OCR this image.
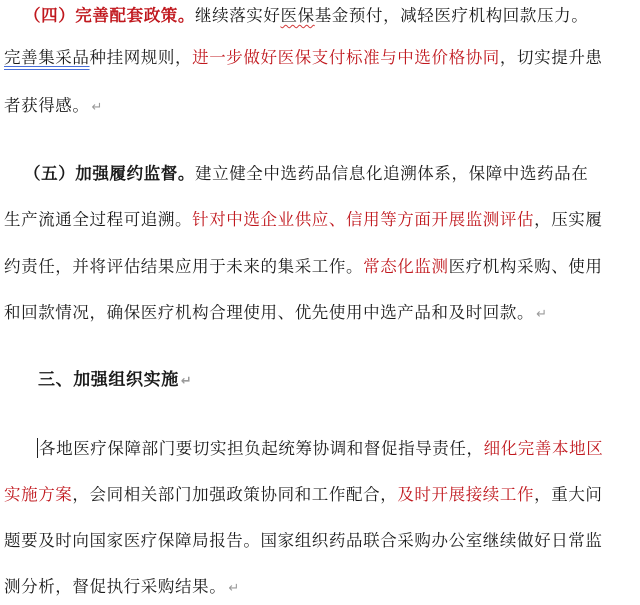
（四）完善配套政策。继续落实好医保基金预付，减轻医疗机构回款压力。
完善集采品种挂网规则，进一步做好医保支付标准与中选价格协同，切实提升患
者获得感。 ↵
（五）加强履约监督。建立健全中选药品信息化追溯体系，保障中选药品在
生产流通全过程可追溯。针对中选企业供应、信用等方面开展监测评估，压实履
约责任，并将评估结果应用于未来的集采工作。常态化监测医疗机构采购、使用
和回款情况，确保医疗机构合理使用、优先使用中选产品和及时回款。 ↵
三、加强组织实施 ↵
各地医疗保障部门要切实担负起统筹协调和督促指导责任，细化完善本地区
实施方案，会同相关部门加强政策协同和工作配合，及时开展接续工作，重大问
题要及时向国家医疗保障局报告。国家组织药品联合采购办公室继续做好日常监
测分析，督促执行采购结果。 ↵
